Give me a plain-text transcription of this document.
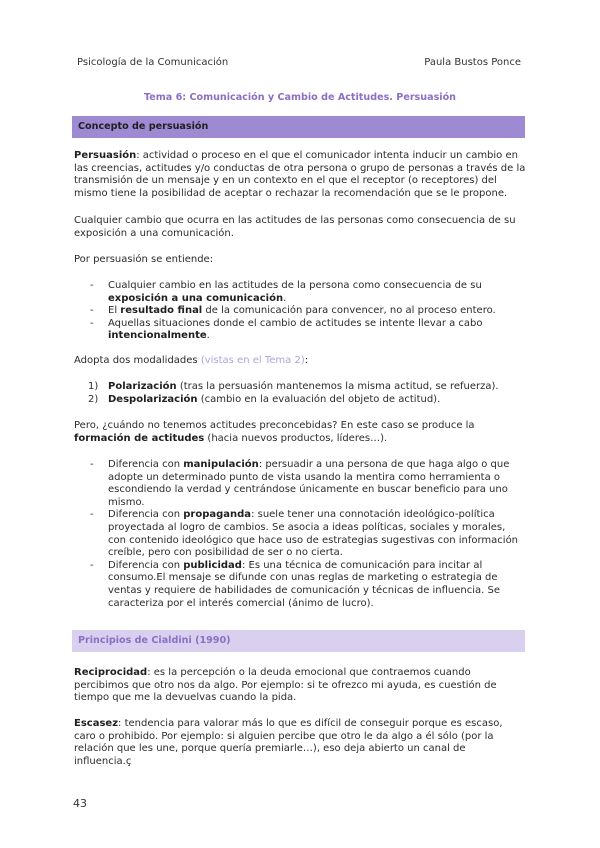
Psicología de la Comunicación	Paula Bustos Ponce
Tema 6: Comunicación y Cambio de Actitudes. Persuasión
Concepto de persuasión

Persuasión: actividad o proceso en el que el comunicador intenta inducir un cambio en las creencias, actitudes y/o conductas de otra persona o grupo de personas a través de la transmisión de un mensaje y en un contexto en el que el receptor (o receptores) del mismo tiene la posibilidad de aceptar o rechazar la recomendación que se le propone.

Cualquier cambio que ocurra en las actitudes de las personas como consecuencia de su exposición a una comunicación.

Por persuasión se entiende:

- Cualquier cambio en las actitudes de la persona como consecuencia de su exposición a una comunicación.
- El resultado final de la comunicación para convencer, no al proceso entero.
- Aquellas situaciones donde el cambio de actitudes se intente llevar a cabo intencionalmente.

Adopta dos modalidades (vistas en el Tema 2):

1) Polarización (tras la persuasión mantenemos la misma actitud, se refuerza).
2) Despolarización (cambio en la evaluación del objeto de actitud).

Pero, ¿cuándo no tenemos actitudes preconcebidas? En este caso se produce la formación de actitudes (hacia nuevos productos, líderes…).

- Diferencia con manipulación: persuadir a una persona de que haga algo o que adopte un determinado punto de vista usando la mentira como herramienta o escondiendo la verdad y centrándose únicamente en buscar beneficio para uno mismo.
- Diferencia con propaganda: suele tener una connotación ideológico-política proyectada al logro de cambios. Se asocia a ideas políticas, sociales y morales, con contenido ideológico que hace uso de estrategias sugestivas con información creíble, pero con posibilidad de ser o no cierta.
- Diferencia con publicidad: Es una técnica de comunicación para incitar al consumo.El mensaje se difunde con unas reglas de marketing o estrategia de ventas y requiere de habilidades de comunicación y técnicas de influencia. Se caracteriza por el interés comercial (ánimo de lucro).
Principios de Cialdini (1990)

Reciprocidad: es la percepción o la deuda emocional que contraemos cuando percibimos que otro nos da algo. Por ejemplo: si te ofrezco mi ayuda, es cuestión de tiempo que me la devuelvas cuando la pida.

Escasez: tendencia para valorar más lo que es difícil de conseguir porque es escaso, caro o prohibido. Por ejemplo: si alguien percibe que otro le da algo a él sólo (por la relación que les une, porque quería premiarle…), eso deja abierto un canal de influencia.ç

43
